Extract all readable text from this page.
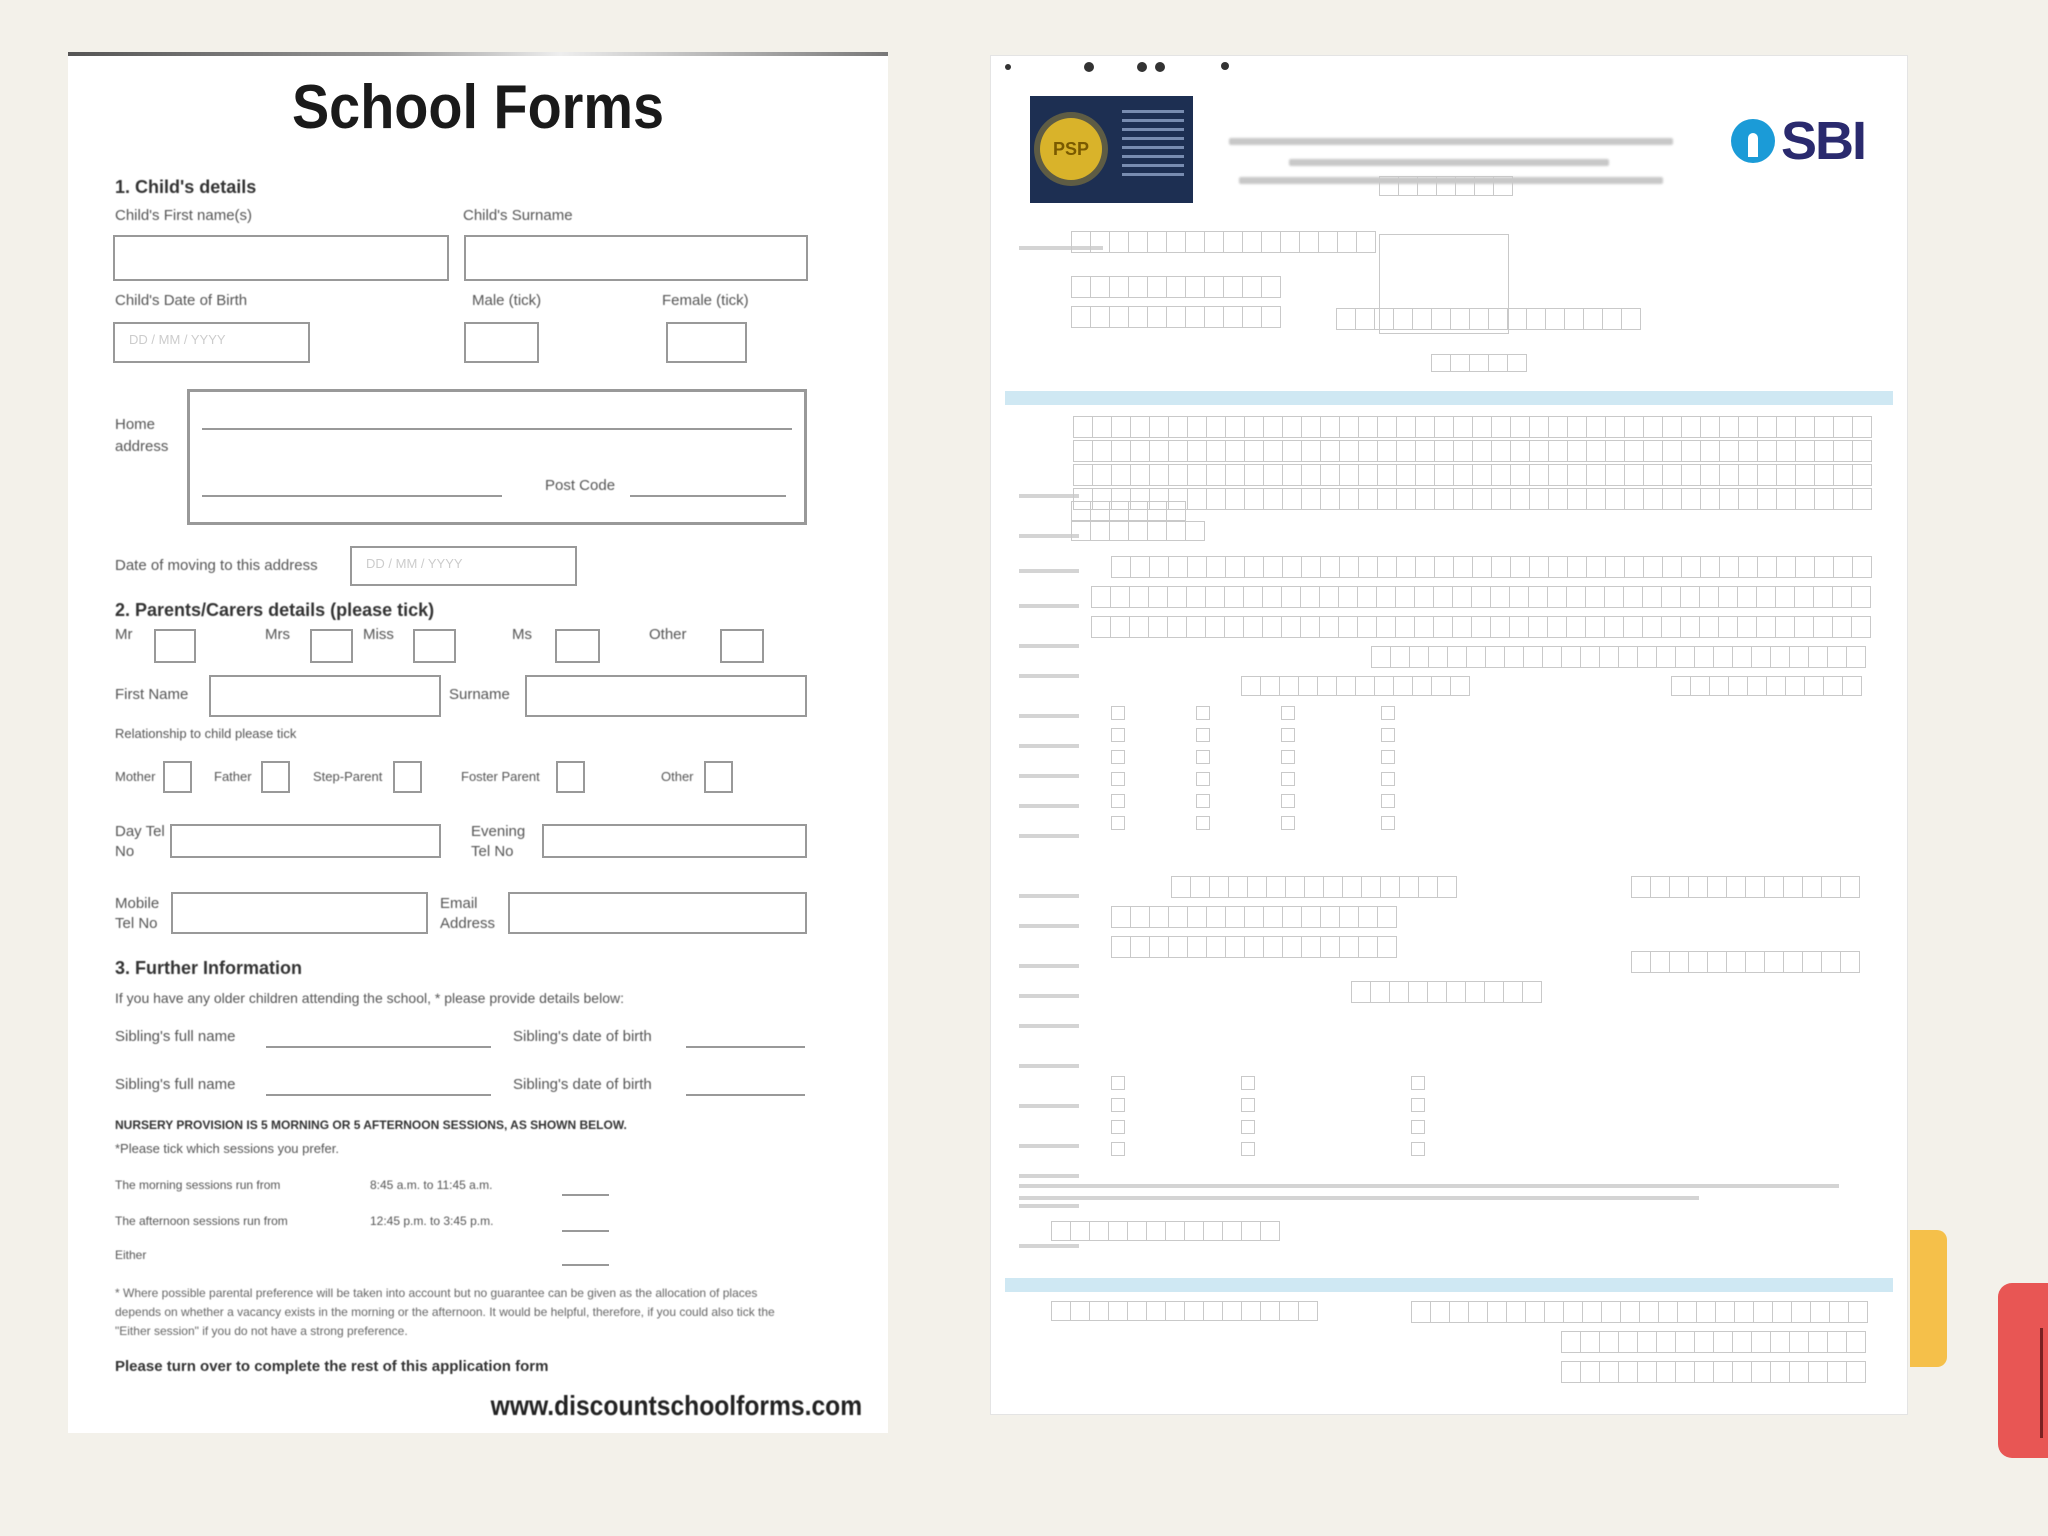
School Forms
1. Child's details
Child's First name(s)	Child's Surname
Child's Date of Birth	Male (tick)	Female (tick)
DD / MM / YYYY
Home address
Post Code
Date of moving to this address	DD / MM / YYYY
2. Parents/Carers details (please tick)
Mr	Mrs	Miss	Ms	Other
First Name	Surname
Relationship to child please tick
Mother	Father	Step-Parent	Foster Parent	Other
Day Tel No
Evening Tel No
Mobile Tel No
Email Address
3. Further Information
If you have any older children attending the school, * please provide details below:
Sibling's full name	Sibling's date of birth
Sibling's full name	Sibling's date of birth
NURSERY PROVISION IS 5 MORNING OR 5 AFTERNOON SESSIONS, AS SHOWN BELOW.
*Please tick which sessions you prefer.
The morning sessions run from	8:45 a.m. to 11:45 a.m.
The afternoon sessions run from	12:45 p.m. to 3:45 p.m.
Either
* Where possible parental preference will be taken into account but no guarantee can be given as the allocation of places depends on whether a vacancy exists in the morning or the afternoon. It would be helpful, therefore, if you could also tick the "Either session" if you do not have a strong preference.
Please turn over to complete the rest of this application form
www.discountschoolforms.com
PSP	SBI
